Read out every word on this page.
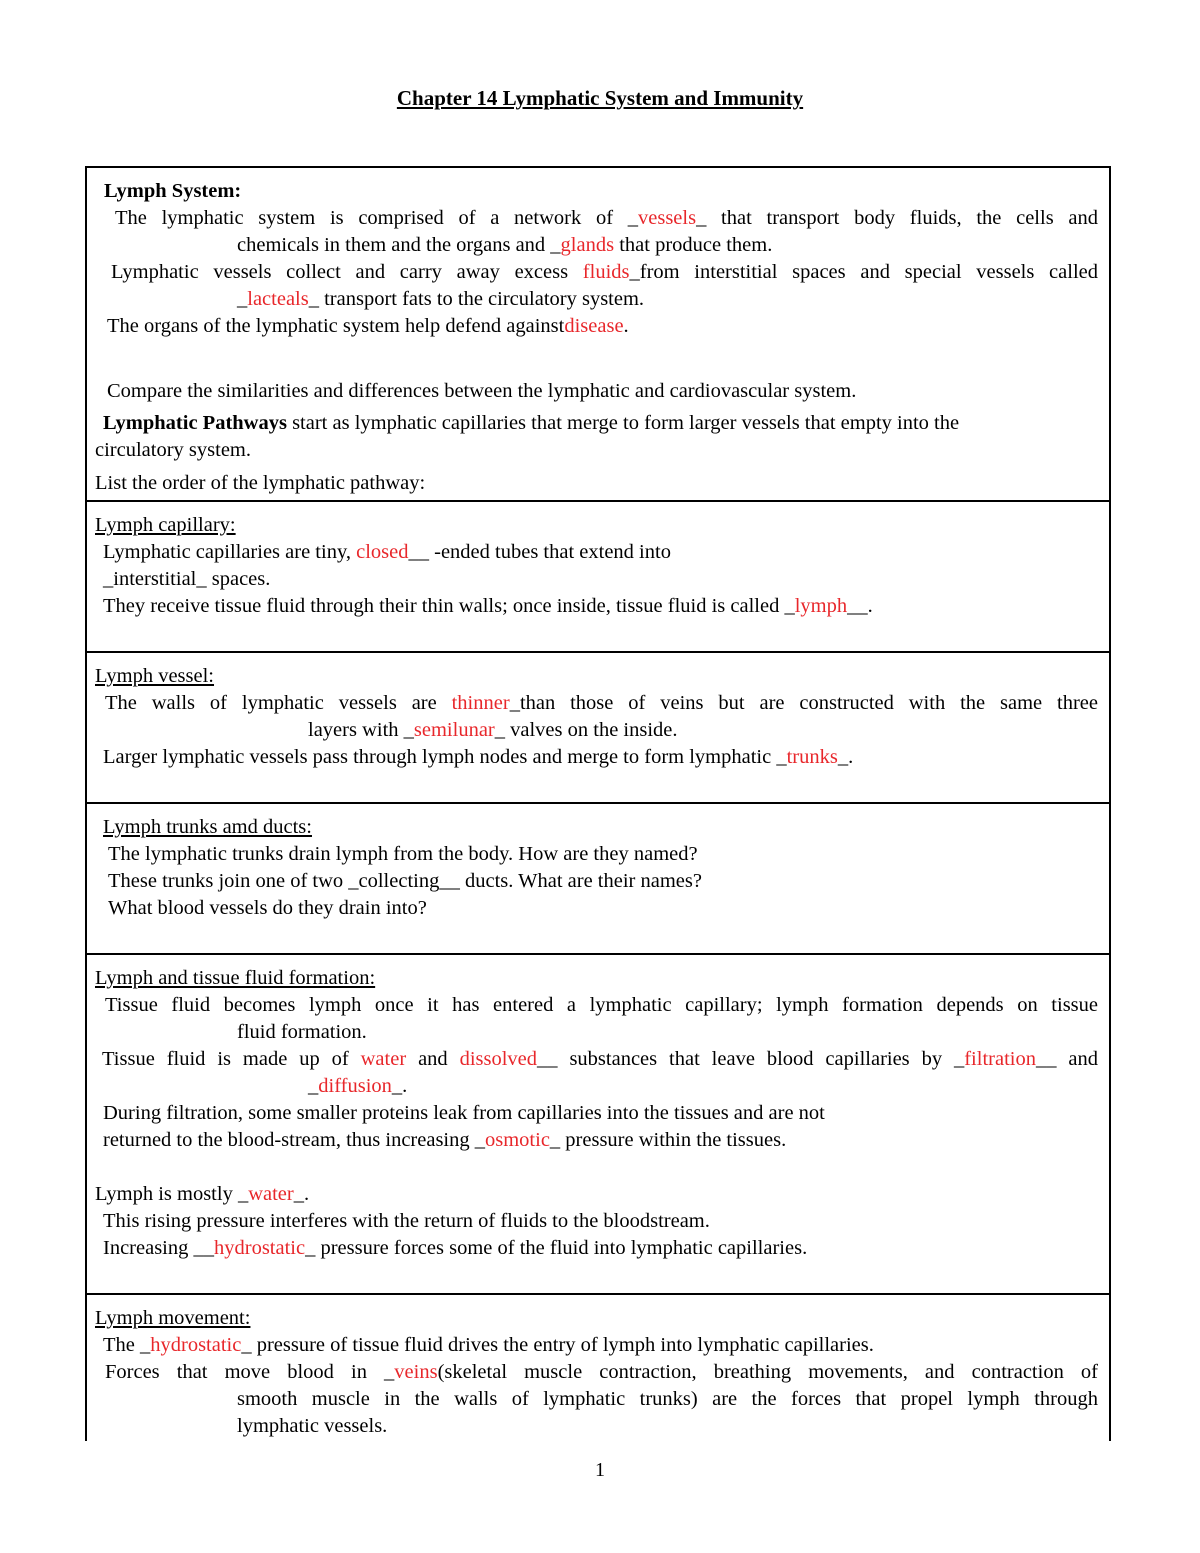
Chapter 14 Lymphatic System and Immunity
Lymph System:
The lymphatic system is comprised of a network of _vessels_ that transport body fluids, the cells and
chemicals in them and the organs and _glands that produce them.
Lymphatic vessels collect and carry away excess fluids_from interstitial spaces and special vessels called
_lacteals_ transport fats to the circulatory system.
The organs of the lymphatic system help defend againstdisease.
Compare the similarities and differences between the lymphatic and cardiovascular system.
Lymphatic Pathways start as lymphatic capillaries that merge to form larger vessels that empty into the
circulatory system.
List the order of the lymphatic pathway:
Lymph capillary:
Lymphatic capillaries are tiny, closed__ -ended tubes that extend into
_interstitial_ spaces.
They receive tissue fluid through their thin walls; once inside, tissue fluid is called _lymph__.
Lymph vessel:
The walls of lymphatic vessels are thinner_than those of veins but are constructed with the same three
layers with _semilunar_ valves on the inside.
Larger lymphatic vessels pass through lymph nodes and merge to form lymphatic _trunks_.
Lymph trunks amd ducts:
The lymphatic trunks drain lymph from the body. How are they named?
These trunks join one of two _collecting__ ducts. What are their names?
What blood vessels do they drain into?
Lymph and tissue fluid formation:
Tissue fluid becomes lymph once it has entered a lymphatic capillary; lymph formation depends on tissue
fluid formation.
Tissue fluid is made up of water and dissolved__ substances that leave blood capillaries by _filtration__ and
_diffusion_.
During filtration, some smaller proteins leak from capillaries into the tissues and are not
returned to the blood-stream, thus increasing _osmotic_ pressure within the tissues.
Lymph is mostly _water_.
This rising pressure interferes with the return of fluids to the bloodstream.
Increasing __hydrostatic_ pressure forces some of the fluid into lymphatic capillaries.
Lymph movement:
The _hydrostatic_ pressure of tissue fluid drives the entry of lymph into lymphatic capillaries.
Forces that move blood in _veins(skeletal muscle contraction, breathing movements, and contraction of
smooth muscle in the walls of lymphatic trunks) are the forces that propel lymph through
lymphatic vessels.
1
